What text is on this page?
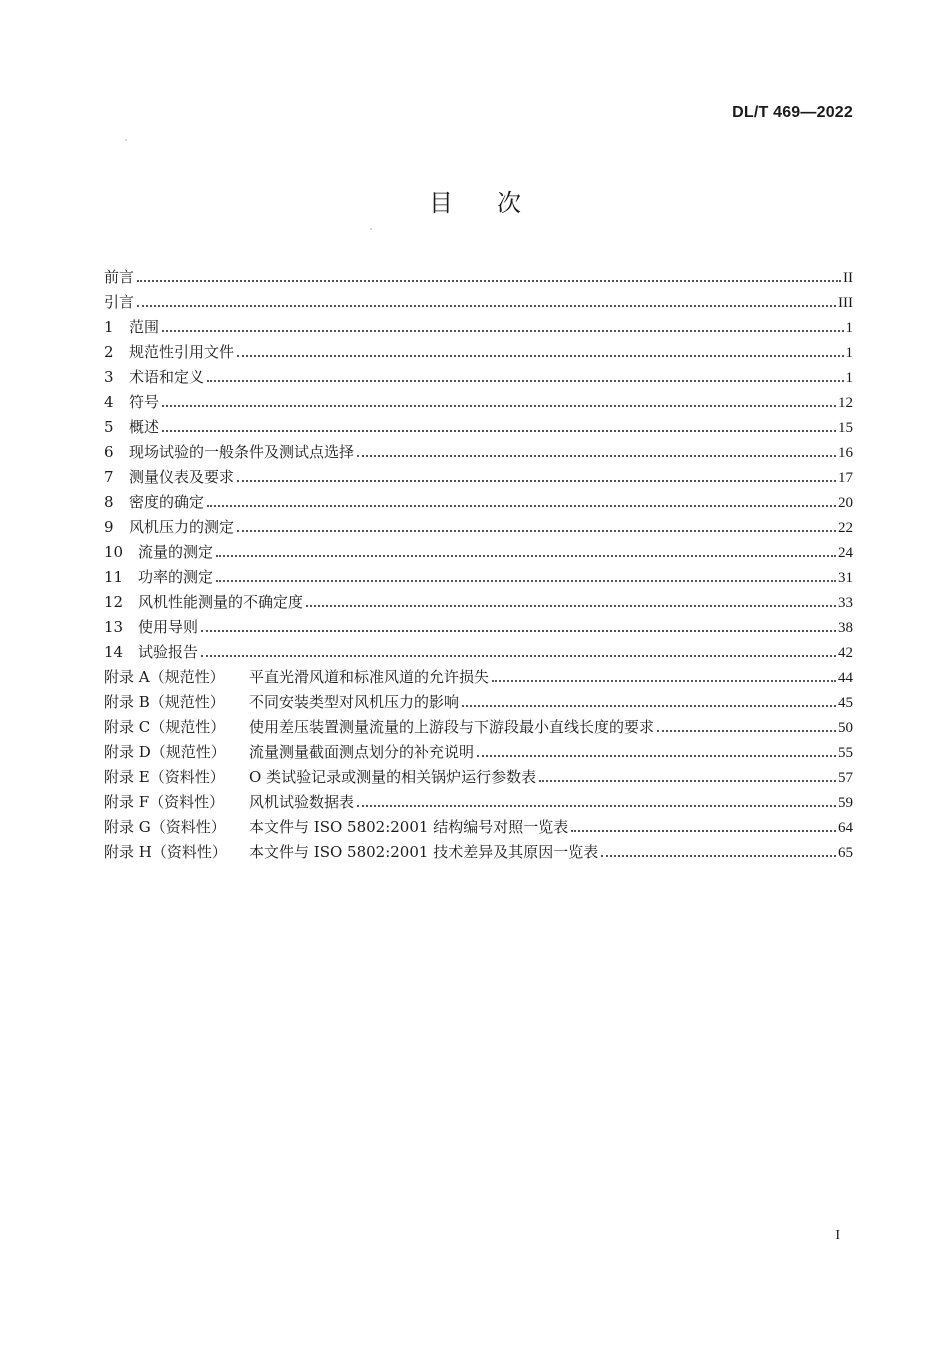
DL/T 469—2022
目 次
前言	II
引言	III
1	范围	1
2	规范性引用文件	1
3	术语和定义	1
4	符号	12
5	概述	15
6	现场试验的一般条件及测试点选择	16
7	测量仪表及要求	17
8	密度的确定	20
9	风机压力的测定	22
10 流量的测定	24
11 功率的测定	31
12 风机性能测量的不确定度	33
13 使用导则	38
14 试验报告	42
附录 A（规范性）	平直光滑风道和标准风道的允许损失	44
附录 B（规范性）	不同安装类型对风机压力的影响	45
附录 C（规范性）	使用差压装置测量流量的上游段与下游段最小直线长度的要求	50
附录 D（规范性）	流量测量截面测点划分的补充说明	55
附录 E（资料性）	O 类试验记录或测量的相关锅炉运行参数表	57
附录 F（资料性）	风机试验数据表	59
附录 G（资料性）	本文件与 ISO 5802:2001 结构编号对照一览表	64
附录 H（资料性）	本文件与 ISO 5802:2001 技术差异及其原因一览表	65
I
